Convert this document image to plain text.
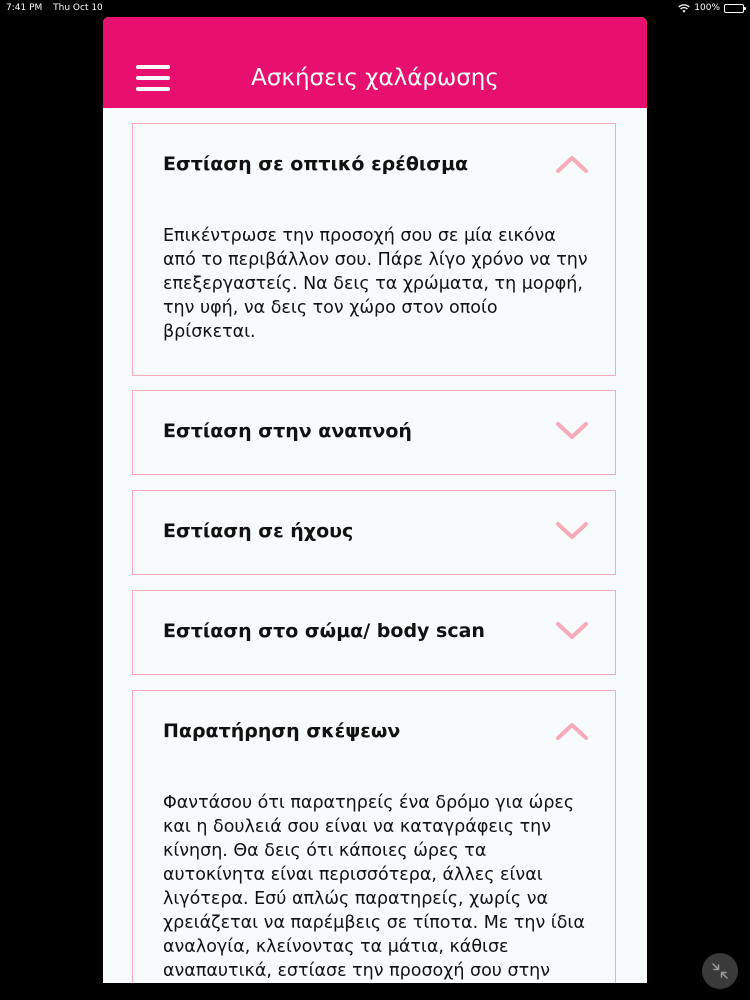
7:41 PM Thu Oct 10	100%
Ασκήσεις χαλάρωσης
Εστίαση σε οπτικό ερέθισμα
Επικέντρωσε την προσοχή σου σε μία εικόνα από το περιβάλλον σου. Πάρε λίγο χρόνο να την επεξεργαστείς. Να δεις τα χρώματα, τη μορφή, την υφή, να δεις τον χώρο στον οποίο βρίσκεται.
Εστίαση στην αναπνοή
Εστίαση σε ήχους
Εστίαση στο σώμα/ body scan
Παρατήρηση σκέψεων
Φαντάσου ότι παρατηρείς ένα δρόμο για ώρες και η δουλειά σου είναι να καταγράφεις την κίνηση. Θα δεις ότι κάποιες ώρες τα αυτοκίνητα είναι περισσότερα, άλλες είναι λιγότερα. Εσύ απλώς παρατηρείς, χωρίς να χρειάζεται να παρέμβεις σε τίποτα. Με την ίδια αναλογία, κλείνοντας τα μάτια, κάθισε αναπαυτικά, εστίασε την προσοχή σου στην
